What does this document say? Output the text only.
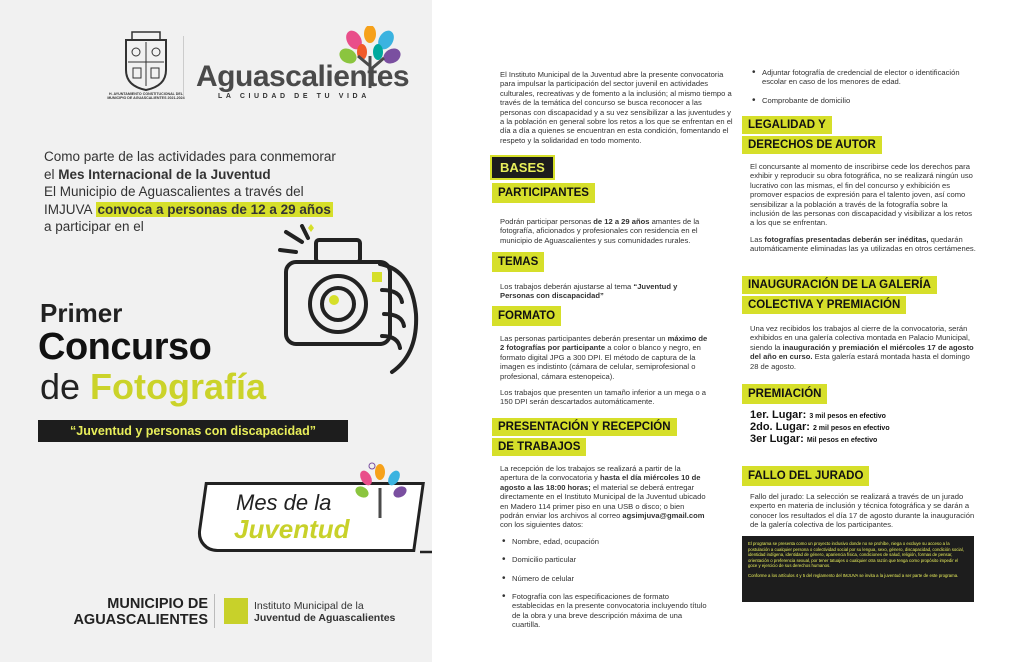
H. AYUNTAMIENTO CONSTITUCIONAL DEL MUNICIPIO DE AGUASCALIENTES 2021-2024
Aguascalientes
LA CIUDAD DE TU VIDA
Como parte de las actividades para conmemorar
el Mes Internacional de la Juventud
El Municipio de Aguascalientes a través del
IMJUVA convoca a personas de 12 a 29 años
a participar en el
Primer
Concurso
de Fotografía
“Juventud y personas con discapacidad”
Mes de la
Juventud
MUNICIPIO DE
AGUASCALIENTES
Instituto Municipal de la
Juventud de Aguascalientes
El Instituto Municipal de la Juventud abre la presente convocatoria para impulsar la participación del sector juvenil en actividades culturales, recreativas y de fomento a la inclusión; al mismo tiempo a través de la temática del concurso se busca reconocer a las personas con discapacidad y a su vez sensibilizar a las juventudes y a la población en general sobre los retos a los que se enfrentan en el día a día a quienes se encuentran en esta condición, fomentando el respeto y la solidaridad en todo momento.
BASES
PARTICIPANTES

Podrán participar personas de 12 a 29 años amantes de la fotografía, aficionados y profesionales con residencia en el municipio de Aguascalientes y sus comunidades rurales.

TEMAS

Los trabajos deberán ajustarse al tema “Juventud y Personas con discapacidad”

FORMATO

Las personas participantes deberán presentar un máximo de 2 fotografías por participante a color o blanco y negro, en formato digital JPG a 300 DPI. El método de captura de la imagen es indistinto (cámara de celular, semiprofesional o profesional, cámara estenopeica).

Los trabajos que presenten un tamaño inferior a un mega o a 150 DPI serán descartados automáticamente.

PRESENTACIÓN Y RECEPCIÓN
DE TRABAJOS

La recepción de los trabajos se realizará a partir de la apertura de la convocatoria y hasta el día miércoles 10 de agosto a las 18:00 horas; el material se deberá entregar directamente en el Instituto Municipal de la Juventud ubicado en Madero 114 primer piso en una USB o disco; o bien podrán enviar los archivos al correo agsimjuva@gmail.com con los siguientes datos:

• Nombre, edad, ocupación
• Domicilio particular
• Número de celular
• Fotografía con las especificaciones de formato establecidas en la presente convocatoria incluyendo título de la obra y una breve descripción máxima de una cuartilla.
• Adjuntar fotografía de credencial de elector o identificación escolar en caso de los menores de edad.
• Comprobante de domicilio
LEGALIDAD Y
DERECHOS DE AUTOR

El concursante al momento de inscribirse cede los derechos para exhibir y reproducir su obra fotográfica, no se realizará ningún uso lucrativo con las mismas, el fin del concurso y exhibición es promover espacios de expresión para el talento joven, así como sensibilizar a la población a través de la fotografía sobre la inclusión de las personas con discapacidad y visibilizar a los retos a los que se enfrentan.

Las fotografías presentadas deberán ser inéditas, quedarán automáticamente eliminadas las ya utilizadas en otros certámenes.

INAUGURACIÓN DE LA GALERÍA
COLECTIVA Y PREMIACIÓN

Una vez recibidos los trabajos al cierre de la convocatoria, serán exhibidos en una galería colectiva montada en Palacio Municipal, siendo la inauguración y premiación el miércoles 17 de agosto del año en curso. Esta galería estará montada hasta el domingo 28 de agosto.

PREMIACIÓN
1er. Lugar: 3 mil pesos en efectivo
2do. Lugar: 2 mil pesos en efectivo
3er Lugar: Mil pesos en efectivo
FALLO DEL JURADO

Fallo del jurado: La selección se realizará a través de un jurado experto en materia de inclusión y técnica fotográfica y se darán a conocer los resultados el día 17 de agosto durante la inauguración de la galería colectiva de los participantes.

El programa se presenta como un proyecto inclusivo donde no se prohíbe, niega o excluye su acceso a la postulación a cualquier persona o colectividad social por su lengua, sexo, género, discapacidad, condición social, identidad indígena, identidad de género, apariencia física, condiciones de salud, religión, formas de pensar, orientación o preferencia sexual, por tener tatuajes o cualquier otra razón que tenga como propósito impedir el goce y ejercicio de sus derechos humanos.
Conforme a los artículos 4 y 5 del reglamento del IMJUVA se invita a la juventud a ser parte de este programa.
